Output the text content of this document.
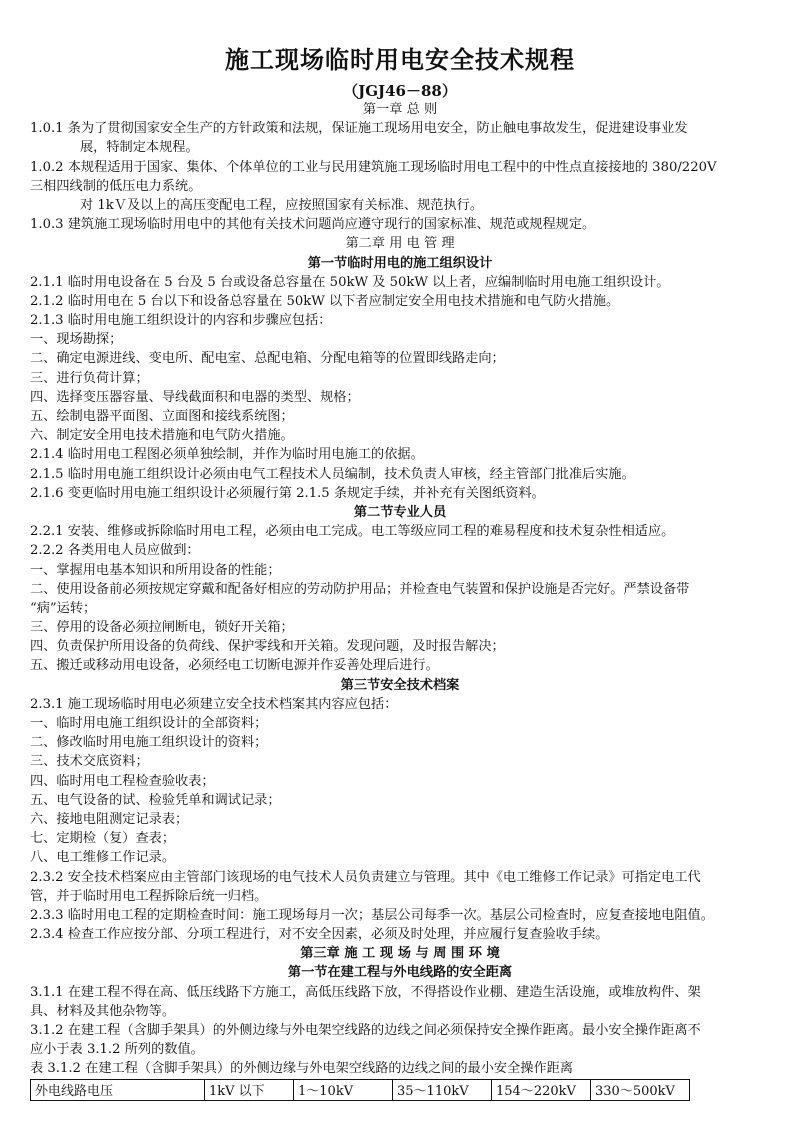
施工现场临时用电安全技术规程
（JGJ46－88）
第一章 总 则
1.0.1 条为了贯彻国家安全生产的方针政策和法规，保证施工现场用电安全，防止触电事故发生，促进建设事业发
展，特制定本规程。
1.0.2 本规程适用于国家、集体、个体单位的工业与民用建筑施工现场临时用电工程中的中性点直接接地的 380/220V
三相四线制的低压电力系统。
对 1kＶ及以上的高压变配电工程，应按照国家有关标准、规范执行。
1.0.3 建筑施工现场临时用电中的其他有关技术问题尚应遵守现行的国家标准、规范或规程规定。
第二章 用 电 管 理
第一节临时用电的施工组织设计
2.1.1 临时用电设备在 5 台及 5 台或设备总容量在 50kW 及 50kW 以上者，应编制临时用电施工组织设计。
2.1.2 临时用电在 5 台以下和设备总容量在 50kW 以下者应制定安全用电技术措施和电气防火措施。
2.1.3 临时用电施工组织设计的内容和步骤应包括：
一、现场勘探；
二、确定电源进线、变电所、配电室、总配电箱、分配电箱等的位置即线路走向；
三、进行负荷计算；
四、选择变压器容量、导线截面积和电器的类型、规格；
五、绘制电器平面图、立面图和接线系统图；
六、制定安全用电技术措施和电气防火措施。
2.1.4 临时用电工程图必须单独绘制，并作为临时用电施工的依据。
2.1.5 临时用电施工组织设计必须由电气工程技术人员编制，技术负责人审核，经主管部门批准后实施。
2.1.6 变更临时用电施工组织设计必须履行第 2.1.5 条规定手续，并补充有关图纸资料。
第二节专业人员
2.2.1 安装、维修或拆除临时用电工程，必须由电工完成。电工等级应同工程的难易程度和技术复杂性相适应。
2.2.2 各类用电人员应做到：
一、掌握用电基本知识和所用设备的性能；
二、使用设备前必须按规定穿戴和配备好相应的劳动防护用品；并检查电气装置和保护设施是否完好。严禁设备带
“病”运转；
三、停用的设备必须拉闸断电，锁好开关箱；
四、负责保护所用设备的负荷线、保护零线和开关箱。发现问题，及时报告解决；
五、搬迁或移动用电设备，必须经电工切断电源并作妥善处理后进行。
第三节安全技术档案
2.3.1 施工现场临时用电必须建立安全技术档案其内容应包括：
一、临时用电施工组织设计的全部资料；
二、修改临时用电施工组织设计的资料；
三、技术交底资料；
四、临时用电工程检查验收表；
五、电气设备的试、检验凭单和调试记录；
六、接地电阻测定记录表；
七、定期检（复）查表；
八、电工维修工作记录。
2.3.2 安全技术档案应由主管部门该现场的电气技术人员负责建立与管理。其中《电工维修工作记录》可指定电工代
管，并于临时用电工程拆除后统一归档。
2.3.3 临时用电工程的定期检查时间：施工现场每月一次；基层公司每季一次。基层公司检查时，应复查接地电阻值。
2.3.4 检查工作应按分部、分项工程进行，对不安全因素，必须及时处理，并应履行复查验收手续。
第三章 施 工 现 场 与 周 围 环 境
第一节在建工程与外电线路的安全距离
3.1.1 在建工程不得在高、低压线路下方施工，高低压线路下放，不得搭设作业棚、建造生活设施，或堆放构件、架
具、材料及其他杂物等。
3.1.2 在建工程（含脚手架具）的外侧边缘与外电架空线路的边线之间必须保持安全操作距离。最小安全操作距离不
应小于表 3.1.2 所列的数值。
表 3.1.2 在建工程（含脚手架具）的外侧边缘与外电架空线路的边线之间的最小安全操作距离
外电线路电压	1kV 以下	1～10kV	35～110kV	154～220kV	330～500kV
